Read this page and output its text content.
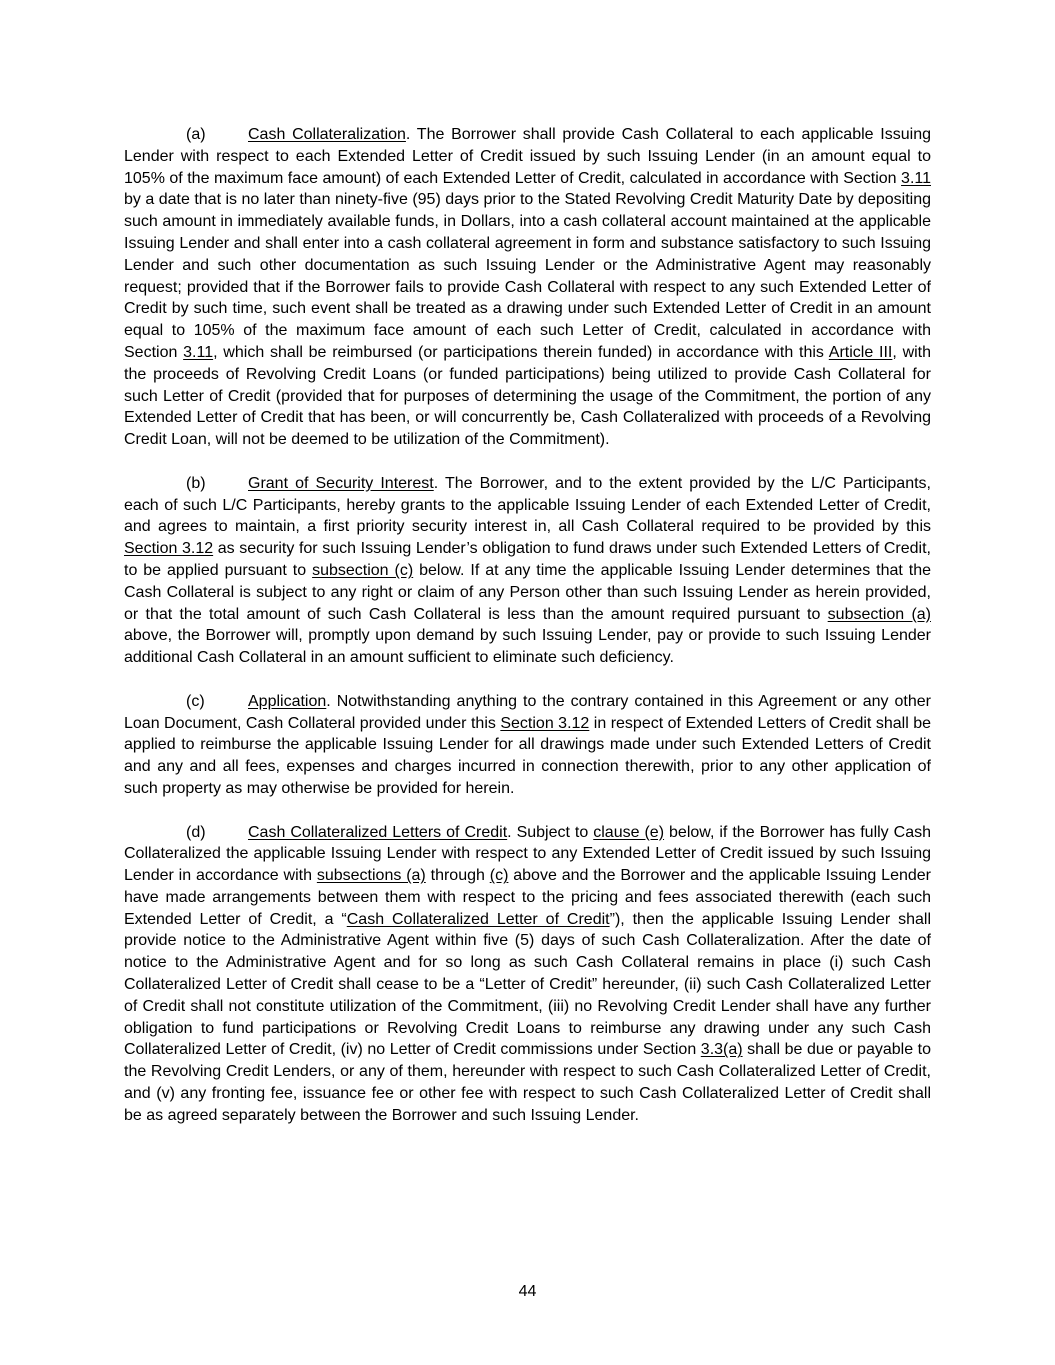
(a)	Cash Collateralization. The Borrower shall provide Cash Collateral to each applicable Issuing Lender with respect to each Extended Letter of Credit issued by such Issuing Lender (in an amount equal to 105% of the maximum face amount) of each Extended Letter of Credit, calculated in accordance with Section 3.11 by a date that is no later than ninety-five (95) days prior to the Stated Revolving Credit Maturity Date by depositing such amount in immediately available funds, in Dollars, into a cash collateral account maintained at the applicable Issuing Lender and shall enter into a cash collateral agreement in form and substance satisfactory to such Issuing Lender and such other documentation as such Issuing Lender or the Administrative Agent may reasonably request; provided that if the Borrower fails to provide Cash Collateral with respect to any such Extended Letter of Credit by such time, such event shall be treated as a drawing under such Extended Letter of Credit in an amount equal to 105% of the maximum face amount of each such Letter of Credit, calculated in accordance with Section 3.11, which shall be reimbursed (or participations therein funded) in accordance with this Article III, with the proceeds of Revolving Credit Loans (or funded participations) being utilized to provide Cash Collateral for such Letter of Credit (provided that for purposes of determining the usage of the Commitment, the portion of any Extended Letter of Credit that has been, or will concurrently be, Cash Collateralized with proceeds of a Revolving Credit Loan, will not be deemed to be utilization of the Commitment).

(b)	Grant of Security Interest. The Borrower, and to the extent provided by the L/C Participants, each of such L/C Participants, hereby grants to the applicable Issuing Lender of each Extended Letter of Credit, and agrees to maintain, a first priority security interest in, all Cash Collateral required to be provided by this Section 3.12 as security for such Issuing Lender’s obligation to fund draws under such Extended Letters of Credit, to be applied pursuant to subsection (c) below. If at any time the applicable Issuing Lender determines that the Cash Collateral is subject to any right or claim of any Person other than such Issuing Lender as herein provided, or that the total amount of such Cash Collateral is less than the amount required pursuant to subsection (a) above, the Borrower will, promptly upon demand by such Issuing Lender, pay or provide to such Issuing Lender additional Cash Collateral in an amount sufficient to eliminate such deficiency.

(c)	Application. Notwithstanding anything to the contrary contained in this Agreement or any other Loan Document, Cash Collateral provided under this Section 3.12 in respect of Extended Letters of Credit shall be applied to reimburse the applicable Issuing Lender for all drawings made under such Extended Letters of Credit and any and all fees, expenses and charges incurred in connection therewith, prior to any other application of such property as may otherwise be provided for herein.

(d)	Cash Collateralized Letters of Credit. Subject to clause (e) below, if the Borrower has fully Cash Collateralized the applicable Issuing Lender with respect to any Extended Letter of Credit issued by such Issuing Lender in accordance with subsections (a) through (c) above and the Borrower and the applicable Issuing Lender have made arrangements between them with respect to the pricing and fees associated therewith (each such Extended Letter of Credit, a “Cash Collateralized Letter of Credit”), then the applicable Issuing Lender shall provide notice to the Administrative Agent within five (5) days of such Cash Collateralization. After the date of notice to the Administrative Agent and for so long as such Cash Collateral remains in place (i) such Cash Collateralized Letter of Credit shall cease to be a “Letter of Credit” hereunder, (ii) such Cash Collateralized Letter of Credit shall not constitute utilization of the Commitment, (iii) no Revolving Credit Lender shall have any further obligation to fund participations or Revolving Credit Loans to reimburse any drawing under any such Cash Collateralized Letter of Credit, (iv) no Letter of Credit commissions under Section 3.3(a) shall be due or payable to the Revolving Credit Lenders, or any of them, hereunder with respect to such Cash Collateralized Letter of Credit, and (v) any fronting fee, issuance fee or other fee with respect to such Cash Collateralized Letter of Credit shall be as agreed separately between the Borrower and such Issuing Lender.

44
